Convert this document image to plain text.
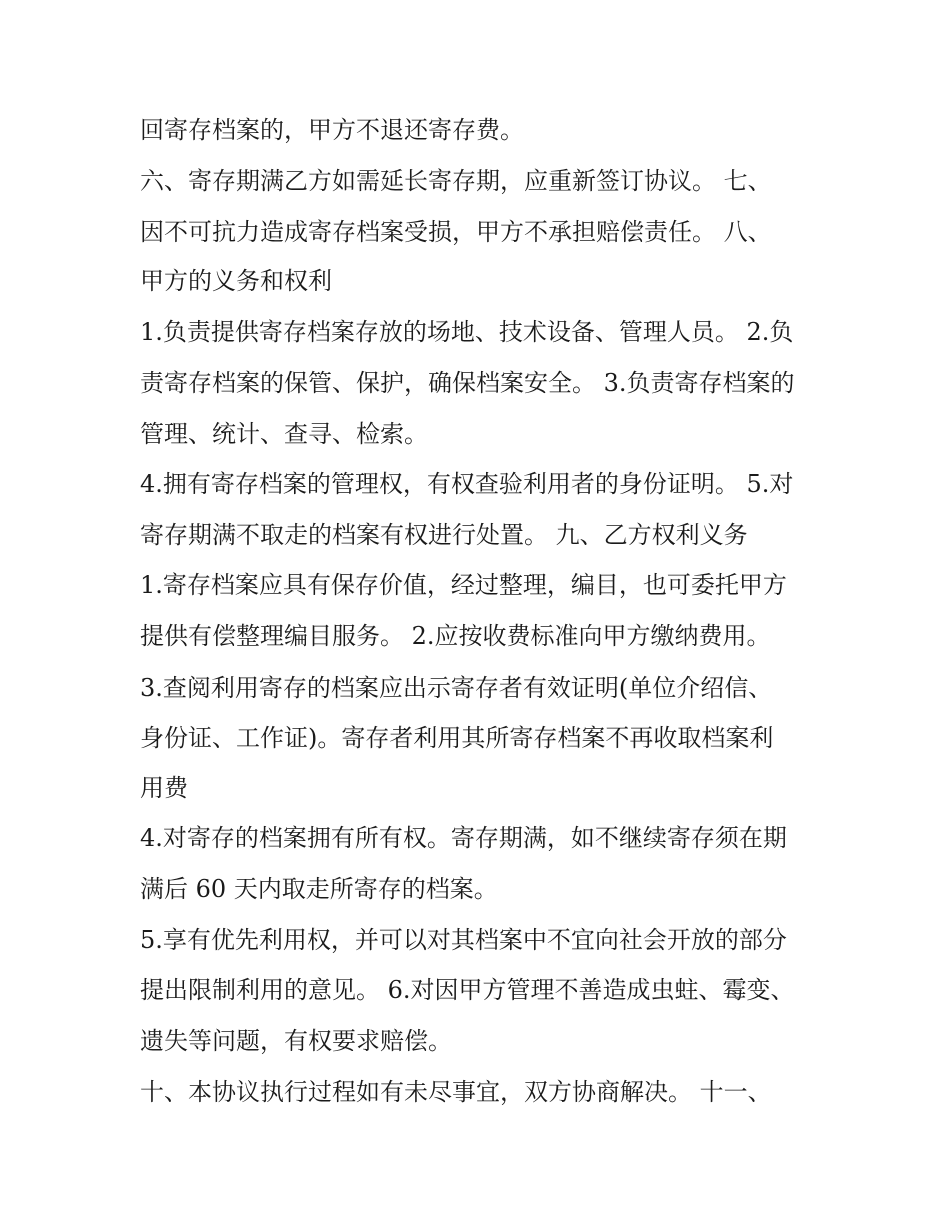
回寄存档案的，甲方不退还寄存费。
六、寄存期满乙方如需延长寄存期，应重新签订协议。 七、
因不可抗力造成寄存档案受损，甲方不承担赔偿责任。 八、
甲方的义务和权利
1.负责提供寄存档案存放的场地、技术设备、管理人员。 2.负
责寄存档案的保管、保护，确保档案安全。 3.负责寄存档案的
管理、统计、查寻、检索。
4.拥有寄存档案的管理权，有权查验利用者的身份证明。 5.对
寄存期满不取走的档案有权进行处置。 九、乙方权利义务
1.寄存档案应具有保存价值，经过整理，编目，也可委托甲方
提供有偿整理编目服务。 2.应按收费标准向甲方缴纳费用。
3.查阅利用寄存的档案应出示寄存者有效证明(单位介绍信、
身份证、工作证)。寄存者利用其所寄存档案不再收取档案利
用费
4.对寄存的档案拥有所有权。寄存期满，如不继续寄存须在期
满后 60 天内取走所寄存的档案。
5.享有优先利用权，并可以对其档案中不宜向社会开放的部分
提出限制利用的意见。 6.对因甲方管理不善造成虫蛀、霉变、
遗失等问题，有权要求赔偿。
十、本协议执行过程如有未尽事宜，双方协商解决。 十一、
